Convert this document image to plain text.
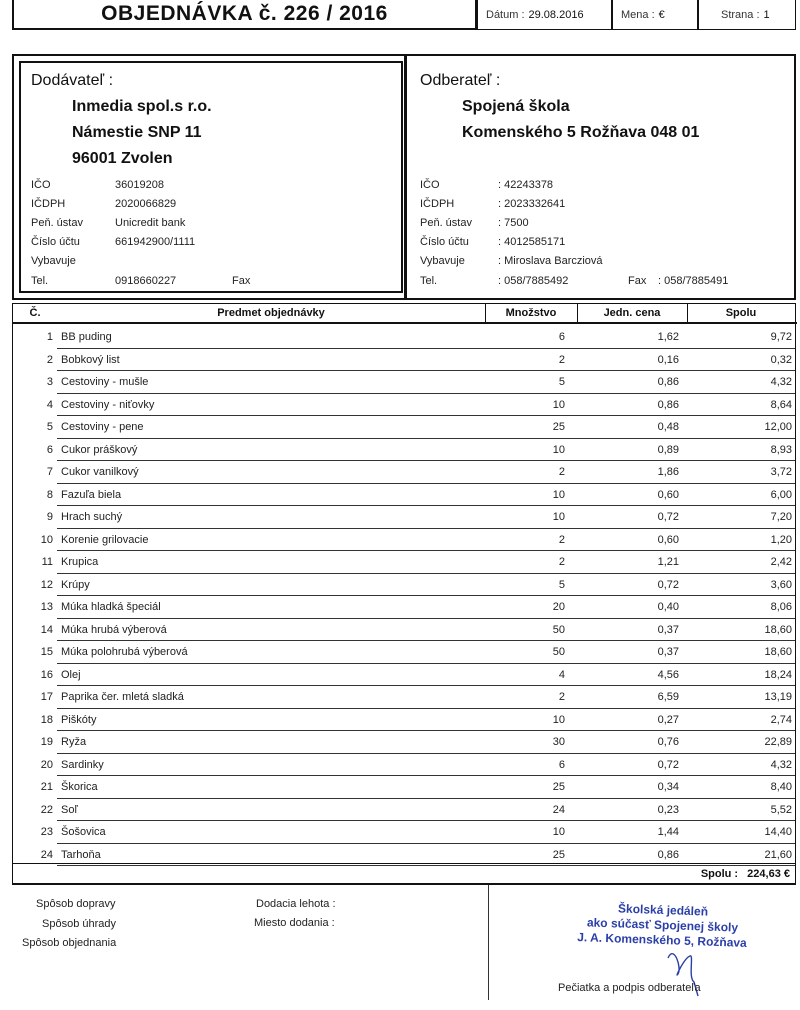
OBJEDNÁVKA č. 226 / 2016	Dátum : 29.08.2016	Mena : €	Strana : 1
Dodávateľ :
Inmedia spol.s r.o.
Námestie SNP 11
96001 Zvolen
IČO	36019208
IČDPH	2020066829
Peň. ústav	Unicredit bank
Číslo účtu	661942900/1111
Vybavuje
Tel.	0918660227	Fax
Odberateľ :
Spojená škola
Komenského 5 Rožňava 048 01
IČO	: 42243378
IČDPH	: 2023332641
Peň. ústav : 7500
Číslo účtu	: 4012585171
Vybavuje	: Miroslava Barcziová
Tel.	: 058/7885492	Fax : 058/7885491
Č.	Predmet objednávky	Množstvo	Jedn. cena	Spolu
1 BB puding	6	1,62	9,72
2 Bobkový list	2	0,16	0,32
3 Cestoviny - mušle	5	0,86	4,32
4 Cestoviny - niťovky	10	0,86	8,64
5 Cestoviny - pene	25	0,48	12,00
6 Cukor práškový	10	0,89	8,93
7 Cukor vanilkový	2	1,86	3,72
8 Fazuľa biela	10	0,60	6,00
9 Hrach suchý	10	0,72	7,20
10 Korenie grilovacie	2	0,60	1,20
11 Krupica	2	1,21	2,42
12 Krúpy	5	0,72	3,60
13 Múka hladká špeciál	20	0,40	8,06
14 Múka hrubá výberová	50	0,37	18,60
15 Múka polohrubá výberová	50	0,37	18,60
16 Olej	4	4,56	18,24
17 Paprika čer. mletá sladká	2	6,59	13,19
18 Piškóty	10	0,27	2,74
19 Ryža	30	0,76	22,89
20 Sardinky	6	0,72	4,32
21 Škorica	25	0,34	8,40
22 Soľ	24	0,23	5,52
23 Šošovica	10	1,44	14,40
24 Tarhoňa	25	0,86	21,60
Spolu : 224,63 €
Spôsob dopravy
Spôsob úhrady
Spôsob objednania
Dodacia lehota :
Miesto dodania :
Školská jedáleň
ako súčasť Spojenej školy
J. A. Komenského 5, Rožňava
Pečiatka a podpis odberateľa
